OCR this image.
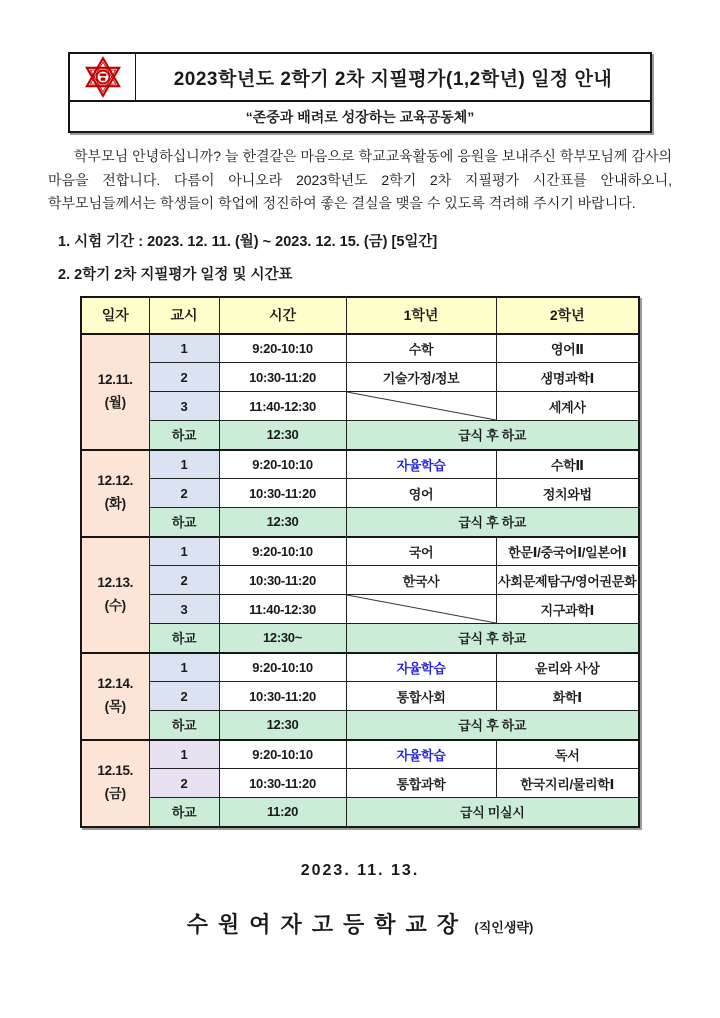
2023학년도 2학기 2차 지필평가(1,2학년) 일정 안내
“존중과 배려로 성장하는 교육공동체”

학부모님 안녕하십니까? 늘 한결같은 마음으로 학교교육활동에 응원을 보내주신 학부모님께 감사의 마음을 전합니다. 다름이 아니오라 2023학년도 2학기 2차 지필평가 시간표를 안내하오니, 학부모님들께서는 학생들이 학업에 정진하여 좋은 결실을 맺을 수 있도록 격려해 주시기 바랍니다.

1. 시험 기간 : 2023. 12. 11. (월) ~ 2023. 12. 15. (금) [5일간]
2. 2학기 2차 지필평가 일정 및 시간표
일자	교시	시간	1학년	2학년

12.11.
(월)	1	9:20-10:10	수학	영어Ⅱ
	2	10:30-11:20	기술가정/정보	생명과학Ⅰ
	3	11:40-12:30		세계사
	하교	12:30	급식 후 하교	

12.12.
(화)	1	9:20-10:10	자율학습	수학Ⅱ
	2	10:30-11:20	영어	정치와법
	하교	12:30	급식 후 하교	

12.13.
(수)	1	9:20-10:10	국어	한문Ⅰ/중국어Ⅰ/일본어Ⅰ
	2	10:30-11:20	한국사	사회문제탐구/영어권문화
	3	11:40-12:30		지구과학Ⅰ
	하교	12:30~	급식 후 하교	

12.14.
(목)	1	9:20-10:10	자율학습	윤리와 사상
	2	10:30-11:20	통합사회	화학Ⅰ
	하교	12:30	급식 후 하교	

12.15.
(금)	1	9:20-10:10	자율학습	독서
	2	10:30-11:20	통합과학	한국지리/물리학Ⅰ
	하교	11:20	급식 미실시	
2023. 11. 13.
수원여자고등학교장 (직인생략)
